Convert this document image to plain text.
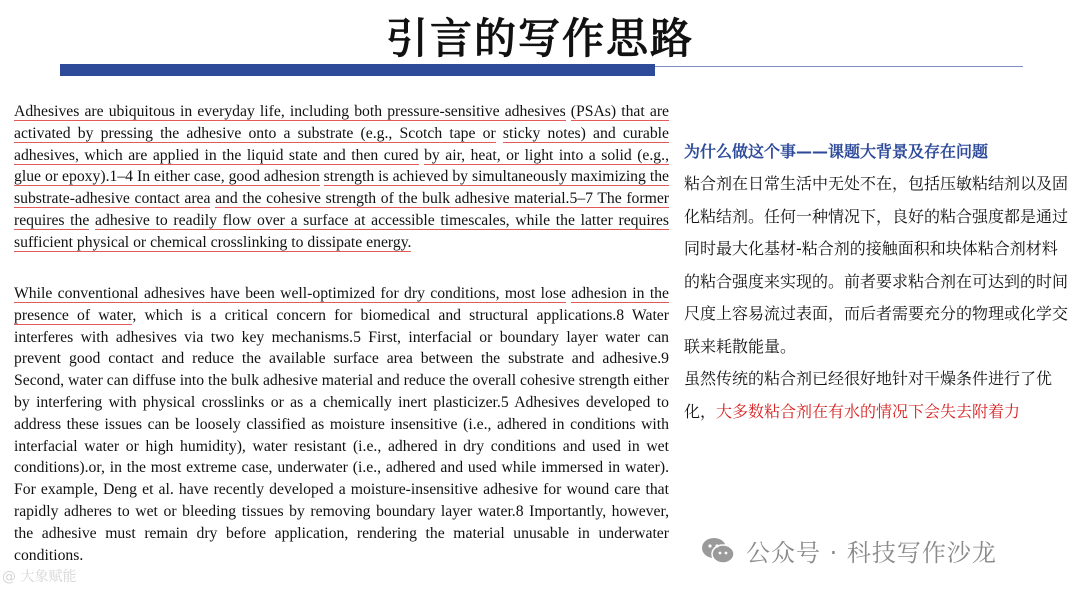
引言的写作思路
Adhesives are ubiquitous in everyday life, including both pressure-sensitive adhesives (PSAs) that are activated by pressing the adhesive onto a substrate (e.g., Scotch tape or sticky notes) and curable adhesives, which are applied in the liquid state and then cured by air, heat, or light into a solid (e.g., glue or epoxy).1–4 In either case, good adhesion strength is achieved by simultaneously maximizing the substrate-adhesive contact area and the cohesive strength of the bulk adhesive material.5–7 The former requires the adhesive to readily flow over a surface at accessible timescales, while the latter requires sufficient physical or chemical crosslinking to dissipate energy.
While conventional adhesives have been well-optimized for dry conditions, most lose adhesion in the presence of water, which is a critical concern for biomedical and structural applications.8 Water interferes with adhesives via two key mechanisms.5 First, interfacial or boundary layer water can prevent good contact and reduce the available surface area between the substrate and adhesive.9 Second, water can diffuse into the bulk adhesive material and reduce the overall cohesive strength either by interfering with physical crosslinks or as a chemically inert plasticizer.5 Adhesives developed to address these issues can be loosely classified as moisture insensitive (i.e., adhered in conditions with interfacial water or high humidity), water resistant (i.e., adhered in dry conditions and used in wet conditions).or, in the most extreme case, underwater (i.e., adhered and used while immersed in water). For example, Deng et al. have recently developed a moisture-insensitive adhesive for wound care that rapidly adheres to wet or bleeding tissues by removing boundary layer water.8 Importantly, however, the adhesive must remain dry before application, rendering the material unusable in underwater conditions.
为什么做这个事——课题大背景及存在问题
粘合剂在日常生活中无处不在，包括压敏粘结剂以及固化粘结剂。任何一种情况下，良好的粘合强度都是通过同时最大化基材-粘合剂的接触面积和块体粘合剂材料的粘合强度来实现的。前者要求粘合剂在可达到的时间尺度上容易流过表面，而后者需要充分的物理或化学交联来耗散能量。
虽然传统的粘合剂已经很好地针对干燥条件进行了优化，大多数粘合剂在有水的情况下会失去附着力
公众号 · 科技写作沙龙
@ 大象赋能
